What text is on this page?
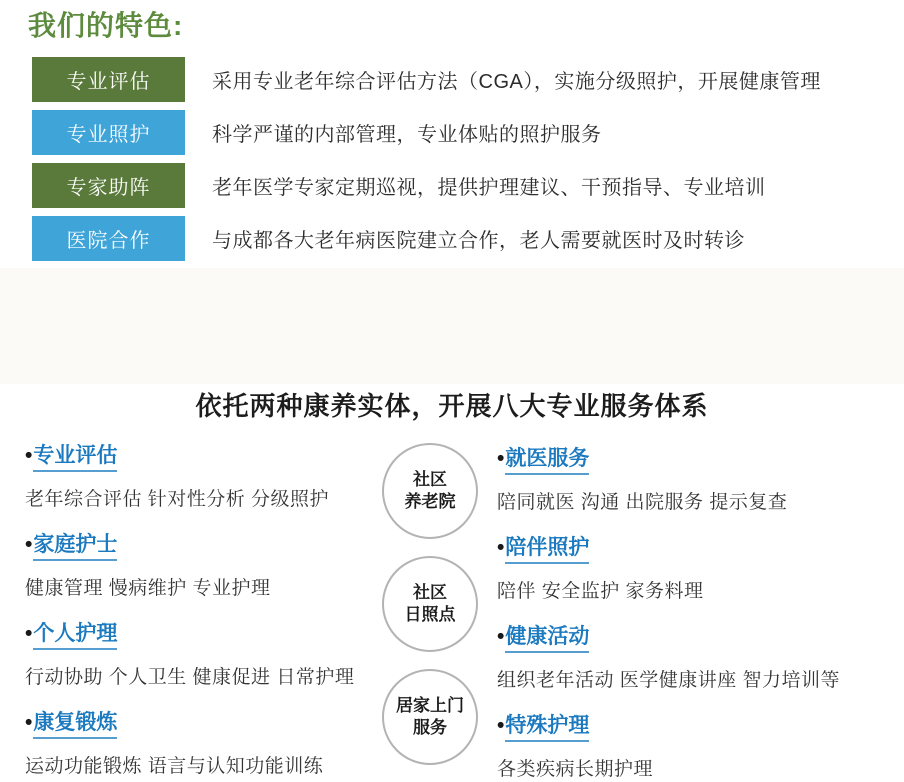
我们的特色:
专业评估	采用专业老年综合评估方法（CGA），实施分级照护，开展健康管理
专业照护	科学严谨的内部管理，专业体贴的照护服务
专家助阵	老年医学专家定期巡视，提供护理建议、干预指导、专业培训
医院合作	与成都各大老年病医院建立合作，老人需要就医时及时转诊
依托两种康养实体，开展八大专业服务体系
• 专业评估
老年综合评估 针对性分析 分级照护
• 家庭护士
健康管理 慢病维护 专业护理
• 个人护理
行动协助 个人卫生 健康促进 日常护理
• 康复锻炼
运动功能锻炼 语言与认知功能训练
社区
养老院
社区
日照点
居家上门
服务
• 就医服务
陪同就医 沟通 出院服务 提示复查
• 陪伴照护
陪伴 安全监护 家务料理
• 健康活动
组织老年活动 医学健康讲座 智力培训等
• 特殊护理
各类疾病长期护理
